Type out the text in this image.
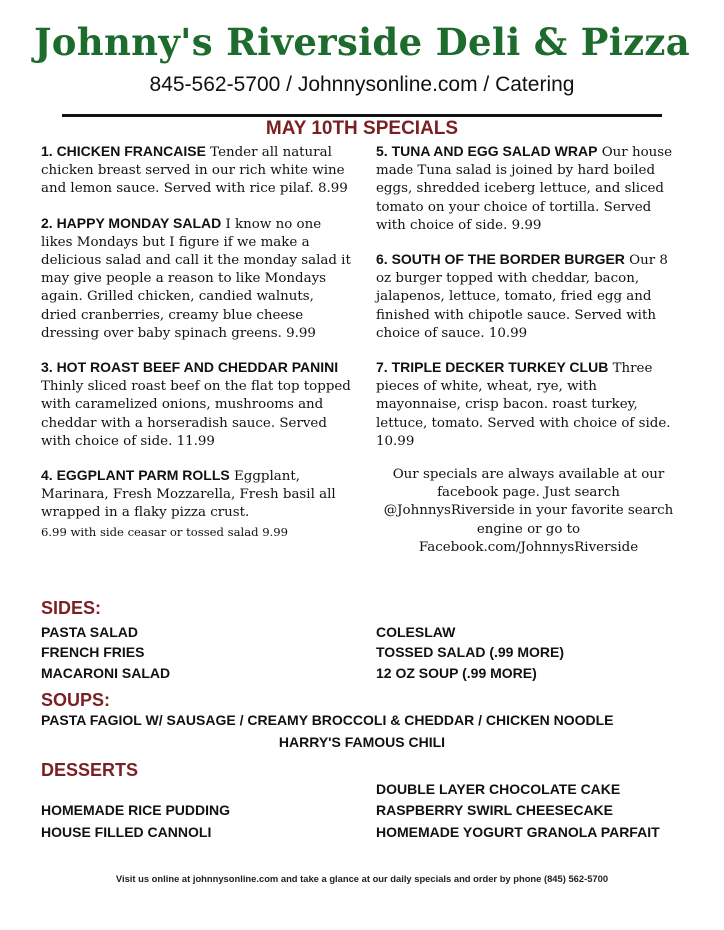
Johnny's Riverside Deli & Pizza
845-562-5700 / Johnnysonline.com / Catering
MAY 10TH SPECIALS
1. CHICKEN FRANCAISE Tender all natural chicken breast served in our rich white wine and lemon sauce. Served with rice pilaf. 8.99
2. HAPPY MONDAY SALAD I know no one likes Mondays but I figure if we make a delicious salad and call it the monday salad it may give people a reason to like Mondays again. Grilled chicken, candied walnuts, dried cranberries, creamy blue cheese dressing over baby spinach greens. 9.99
3. HOT ROAST BEEF AND CHEDDAR PANINI Thinly sliced roast beef on the flat top topped with caramelized onions, mushrooms and cheddar with a horseradish sauce. Served with choice of side. 11.99
4. EGGPLANT PARM ROLLS Eggplant, Marinara, Fresh Mozzarella, Fresh basil all wrapped in a flaky pizza crust.
6.99 with side ceasar or tossed salad 9.99
5. TUNA AND EGG SALAD WRAP Our house made Tuna salad is joined by hard boiled eggs, shredded iceberg lettuce, and sliced tomato on your choice of tortilla. Served with choice of side. 9.99
6. SOUTH OF THE BORDER BURGER Our 8 oz burger topped with cheddar, bacon, jalapenos, lettuce, tomato, fried egg and finished with chipotle sauce. Served with choice of sauce. 10.99
7. TRIPLE DECKER TURKEY CLUB Three pieces of white, wheat, rye, with mayonnaise, crisp bacon. roast turkey, lettuce, tomato. Served with choice of side. 10.99
Our specials are always available at our facebook page. Just search @JohnnysRiverside in your favorite search engine or go to Facebook.com/JohnnysRiverside
SIDES:
PASTA SALAD
FRENCH FRIES
MACARONI SALAD
COLESLAW
TOSSED SALAD (.99 MORE)
12 OZ SOUP (.99 MORE)
SOUPS:
PASTA FAGIOL W/ SAUSAGE / CREAMY BROCCOLI & CHEDDAR / CHICKEN NOODLE
HARRY'S FAMOUS CHILI
DESSERTS
HOMEMADE RICE PUDDING
HOUSE FILLED CANNOLI
DOUBLE LAYER CHOCOLATE CAKE
RASPBERRY SWIRL CHEESECAKE
HOMEMADE YOGURT GRANOLA PARFAIT
Visit us online at johnnysonline.com and take a glance at our daily specials and order by phone (845) 562-5700
